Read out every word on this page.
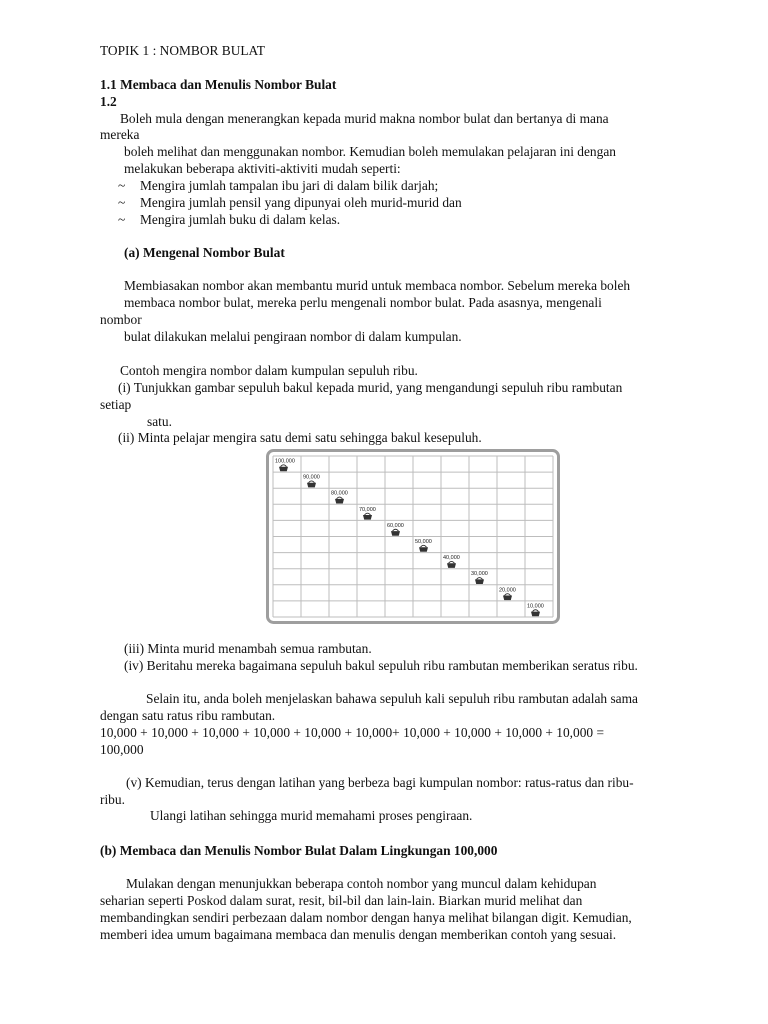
TOPIK 1 : NOMBOR BULAT
1.1 Membaca dan Menulis Nombor Bulat
1.2
Boleh mula dengan menerangkan kepada murid makna nombor bulat dan bertanya di mana
mereka
boleh melihat dan menggunakan nombor. Kemudian boleh memulakan pelajaran ini dengan
melakukan beberapa aktiviti-aktiviti mudah seperti:
~ Mengira jumlah tampalan ibu jari di dalam bilik darjah;
~ Mengira jumlah pensil yang dipunyai oleh murid-murid dan
~ Mengira jumlah buku di dalam kelas.
(a) Mengenal Nombor Bulat
Membiasakan nombor akan membantu murid untuk membaca nombor. Sebelum mereka boleh
membaca nombor bulat, mereka perlu mengenali nombor bulat. Pada asasnya, mengenali
nombor
bulat dilakukan melalui pengiraan nombor di dalam kumpulan.
Contoh mengira nombor dalam kumpulan sepuluh ribu.
(i) Tunjukkan gambar sepuluh bakul kepada murid, yang mengandungi sepuluh ribu rambutan
setiap
satu.
(ii) Minta pelajar mengira satu demi satu sehingga bakul kesepuluh.
100,000
90,000
80,000
70,000
60,000
50,000
40,000
30,000
20,000
10,000
(iii) Minta murid menambah semua rambutan.
(iv) Beritahu mereka bagaimana sepuluh bakul sepuluh ribu rambutan memberikan seratus ribu.
Selain itu, anda boleh menjelaskan bahawa sepuluh kali sepuluh ribu rambutan adalah sama
dengan satu ratus ribu rambutan.
10,000 + 10,000 + 10,000 + 10,000 + 10,000 + 10,000+ 10,000 + 10,000 + 10,000 + 10,000 =
100,000
(v) Kemudian, terus dengan latihan yang berbeza bagi kumpulan nombor: ratus-ratus dan ribu-
ribu.
Ulangi latihan sehingga murid memahami proses pengiraan.
(b) Membaca dan Menulis Nombor Bulat Dalam Lingkungan 100,000
Mulakan dengan menunjukkan beberapa contoh nombor yang muncul dalam kehidupan
seharian seperti Poskod dalam surat, resit, bil-bil dan lain-lain. Biarkan murid melihat dan
membandingkan sendiri perbezaan dalam nombor dengan hanya melihat bilangan digit. Kemudian,
memberi idea umum bagaimana membaca dan menulis dengan memberikan contoh yang sesuai.
